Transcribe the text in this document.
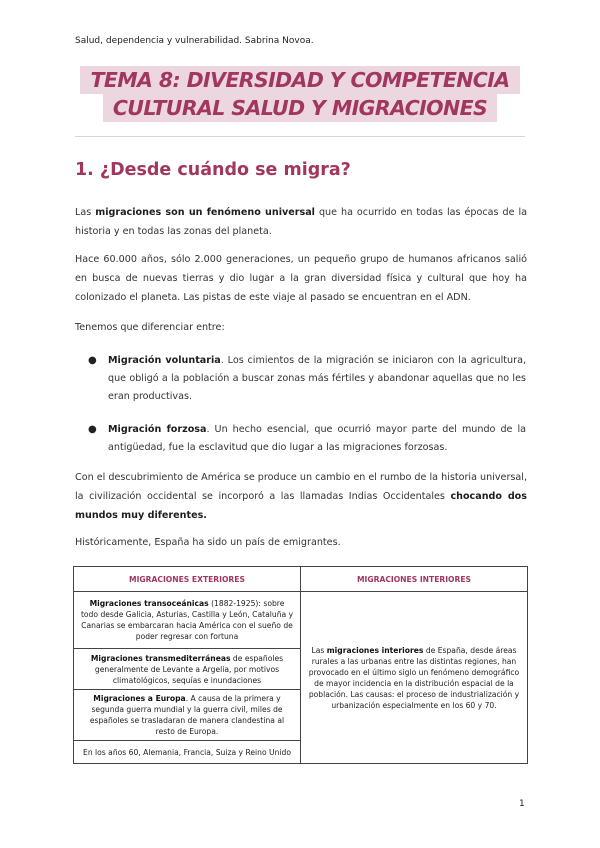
Salud, dependencia y vulnerabilidad. Sabrina Novoa.
TEMA 8: DIVERSIDAD Y COMPETENCIA
CULTURAL SALUD Y MIGRACIONES
1. ¿Desde cuándo se migra?

Las migraciones son un fenómeno universal que ha ocurrido en todas las épocas de la historia y en todas las zonas del planeta.

Hace 60.000 años, sólo 2.000 generaciones, un pequeño grupo de humanos africanos salió en busca de nuevas tierras y dio lugar a la gran diversidad física y cultural que hoy ha colonizado el planeta. Las pistas de este viaje al pasado se encuentran en el ADN.

Tenemos que diferenciar entre:

● Migración voluntaria. Los cimientos de la migración se iniciaron con la agricultura, que obligó a la población a buscar zonas más fértiles y abandonar aquellas que no les eran productivas.
● Migración forzosa. Un hecho esencial, que ocurrió mayor parte del mundo de la antigüedad, fue la esclavitud que dio lugar a las migraciones forzosas.

Con el descubrimiento de América se produce un cambio en el rumbo de la historia universal, la civilización occidental se incorporó a las llamadas Indias Occidentales chocando dos mundos muy diferentes.

Históricamente, España ha sido un país de emigrantes.

MIGRACIONES EXTERIORES	MIGRACIONES INTERIORES
Migraciones transoceánicas (1882-1925): sobre todo desde Galicia, Asturias, Castilla y León, Cataluña y Canarias se embarcaran hacia América con el sueño de poder regresar con fortuna	Las migraciones interiores de España, desde áreas rurales a las urbanas entre las distintas regiones, han provocado en el último siglo un fenómeno demográfico de mayor incidencia en la distribución espacial de la población. Las causas: el proceso de industrialización y urbanización especialmente en los 60 y 70.
Migraciones transmediterráneas de españoles generalmente de Levante a Argelia, por motivos climatológicos, sequías e inundaciones	
Migraciones a Europa. A causa de la primera y segunda guerra mundial y la guerra civil, miles de españoles se trasladaran de manera clandestina al resto de Europa.	
En los años 60, Alemania, Francia, Suiza y Reino Unido	
1
